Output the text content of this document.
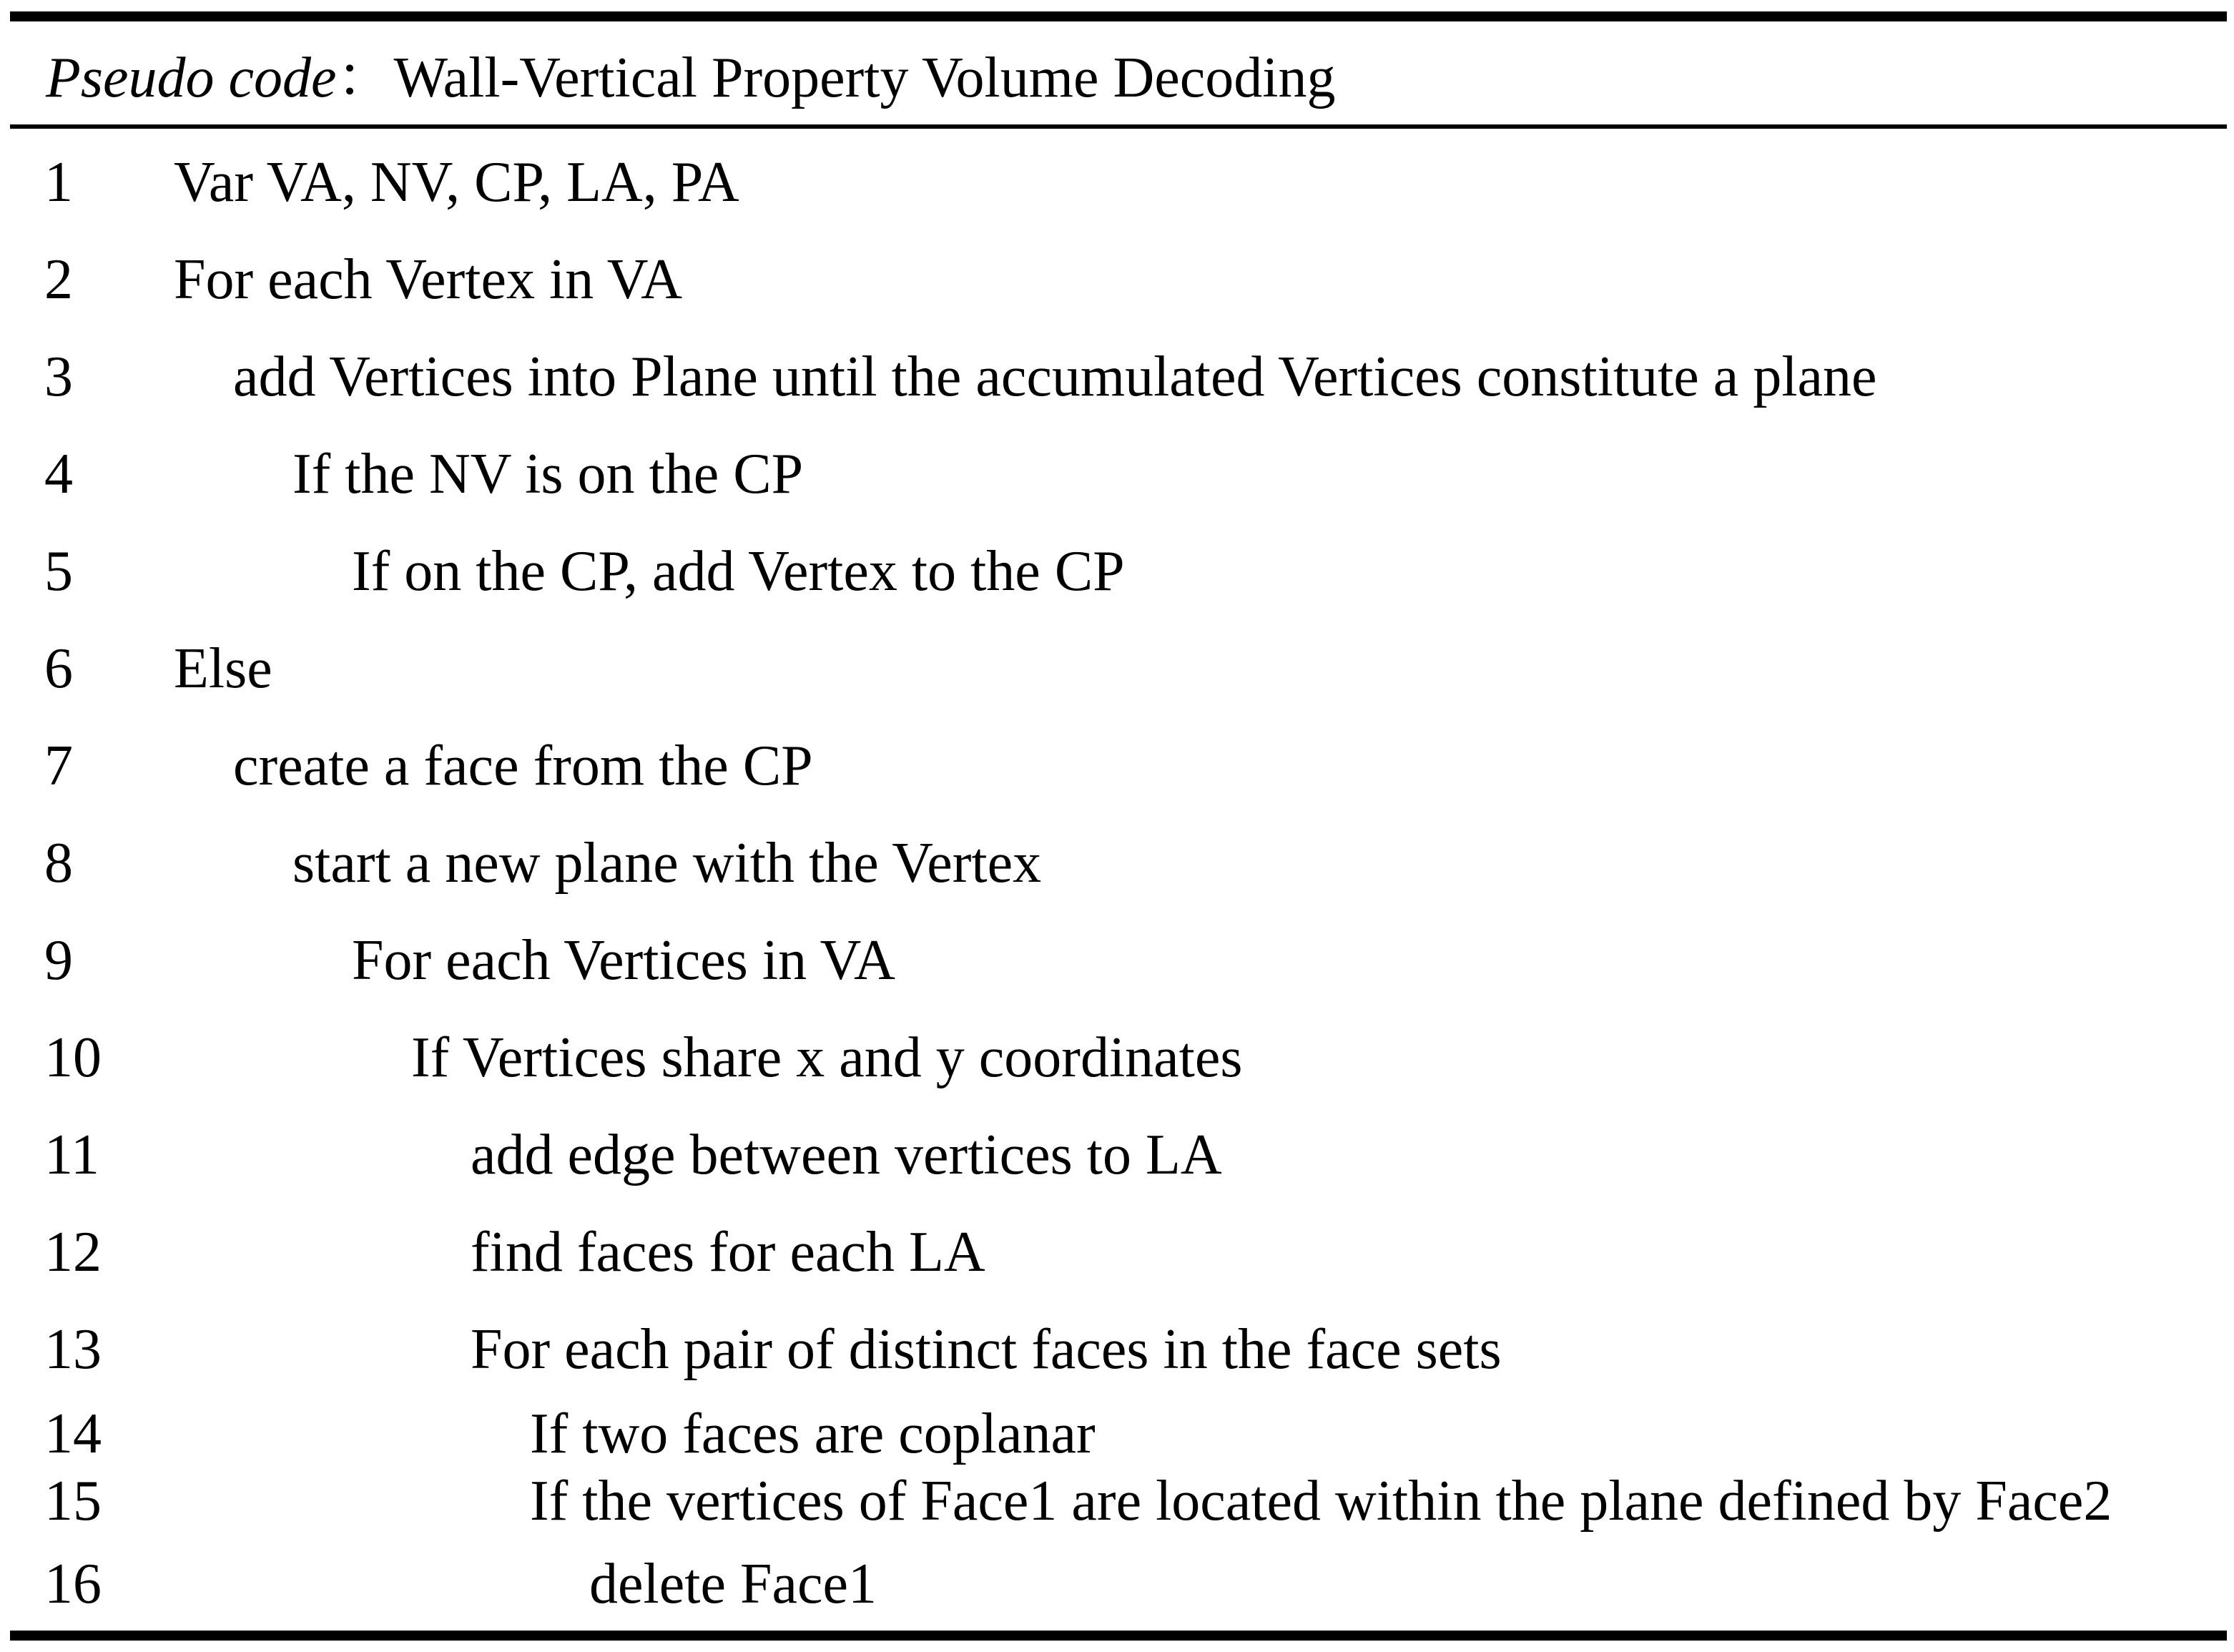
Pseudo code：Wall-Vertical Property Volume Decoding
1 Var VA, NV, CP, LA, PA
2 For each Vertex in VA
3	add Vertices into Plane until the accumulated Vertices constitute a plane
4	If the NV is on the CP
5	If on the CP, add Vertex to the CP
6 Else
7	create a face from the CP
8	start a new plane with the Vertex
9	For each Vertices in VA
10	If Vertices share x and y coordinates
11	add edge between vertices to LA
12	find faces for each LA
13	For each pair of distinct faces in the face sets
14	If two faces are coplanar
15	If the vertices of Face1 are located within the plane defined by Face2
16	delete Face1
